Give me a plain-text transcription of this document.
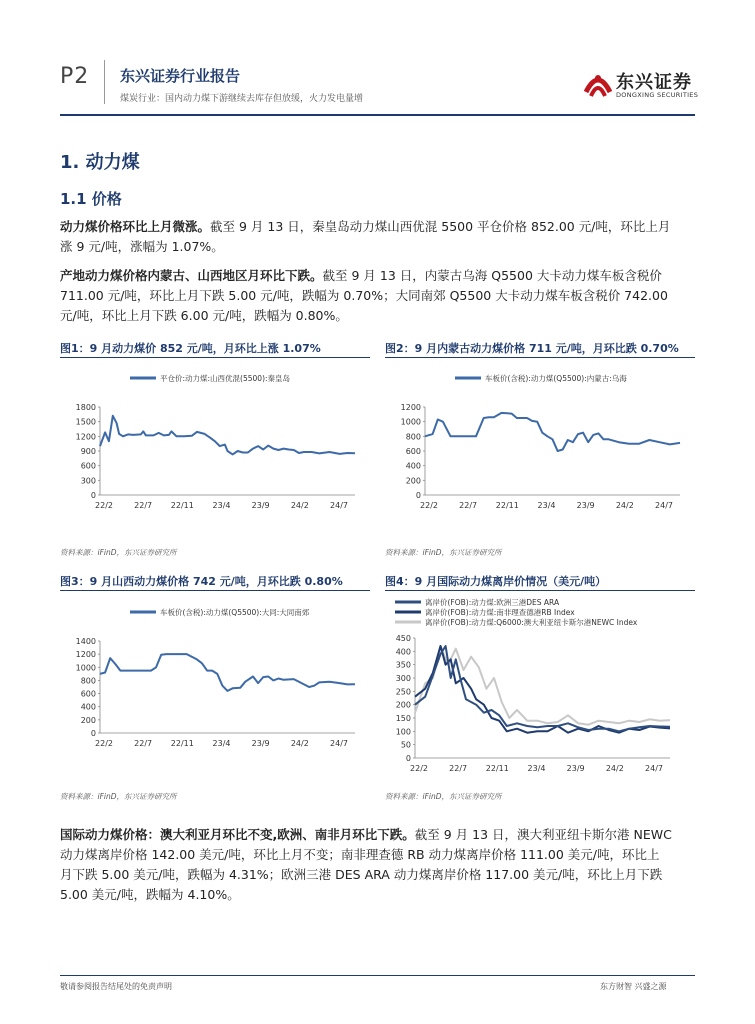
P2 东兴证券行业报告
煤炭行业：国内动力煤下游继续去库存但放缓，火力发电量增
东兴证券
DONGXING SECURITIES
1. 动力煤
1.1 价格
动力煤价格环比上月微涨。截至 9 月 13 日，秦皇岛动力煤山西优混 5500 平仓价格 852.00 元/吨，环比上月
涨 9 元/吨，涨幅为 1.07%。
产地动力煤价格内蒙古、山西地区月环比下跌。截至 9 月 13 日，内蒙古乌海 Q5500 大卡动力煤车板含税价
711.00 元/吨，环比上月下跌 5.00 元/吨，跌幅为 0.70%；大同南郊 Q5500 大卡动力煤车板含税价 742.00
元/吨，环比上月下跌 6.00 元/吨，跌幅为 0.80%。
图1：9 月动力煤价 852 元/吨，月环比上涨 1.07%	图2：9 月内蒙古动力煤价格 711 元/吨，月环比跌 0.70%
平仓价:动力煤:山西优混(5500):秦皇岛
0
300
600
900
1200
1500
1800
22/2	22/7 22/11 23/4	23/9	24/2	24/7
车板价(含税):动力煤(Q5500):内蒙古:乌海
0
200
400
600
800
1000
1200
22/2	22/7 22/11 23/4	23/9	24/2	24/7
资料来源：iFinD，东兴证券研究所	资料来源：iFinD，东兴证券研究所
图3：9 月山西动力煤价格 742 元/吨，月环比跌 0.80%	图4：9 月国际动力煤离岸价情况（美元/吨）
车板价(含税):动力煤(Q5500):大同:大同南郊
0
200
400
600
800
1000
1200
1400
22/2	22/7 22/11 23/4	23/9	24/2	24/7
离岸价(FOB):动力煤:欧洲三港DES ARA
离岸价(FOB):动力煤:南非理查德港RB Index
离岸价(FOB):动力煤:Q6000:澳大利亚纽卡斯尔港NEWC Index
0
50
100
150
200
250
300
350
400
450
22/2	22/7 22/11 23/4	23/9	24/2	24/7
资料来源：iFinD，东兴证券研究所	资料来源：iFinD，东兴证券研究所
国际动力煤价格：澳大利亚月环比不变,欧洲、南非月环比下跌。截至 9 月 13 日，澳大利亚纽卡斯尔港 NEWC
动力煤离岸价格 142.00 美元/吨，环比上月不变；南非理查德 RB 动力煤离岸价格 111.00 美元/吨，环比上
月下跌 5.00 美元/吨，跌幅为 4.31%；欧洲三港 DES ARA 动力煤离岸价格 117.00 美元/吨，环比上月下跌
5.00 美元/吨，跌幅为 4.10%。
敬请参阅报告结尾处的免责声明	东方财智 兴盛之源
